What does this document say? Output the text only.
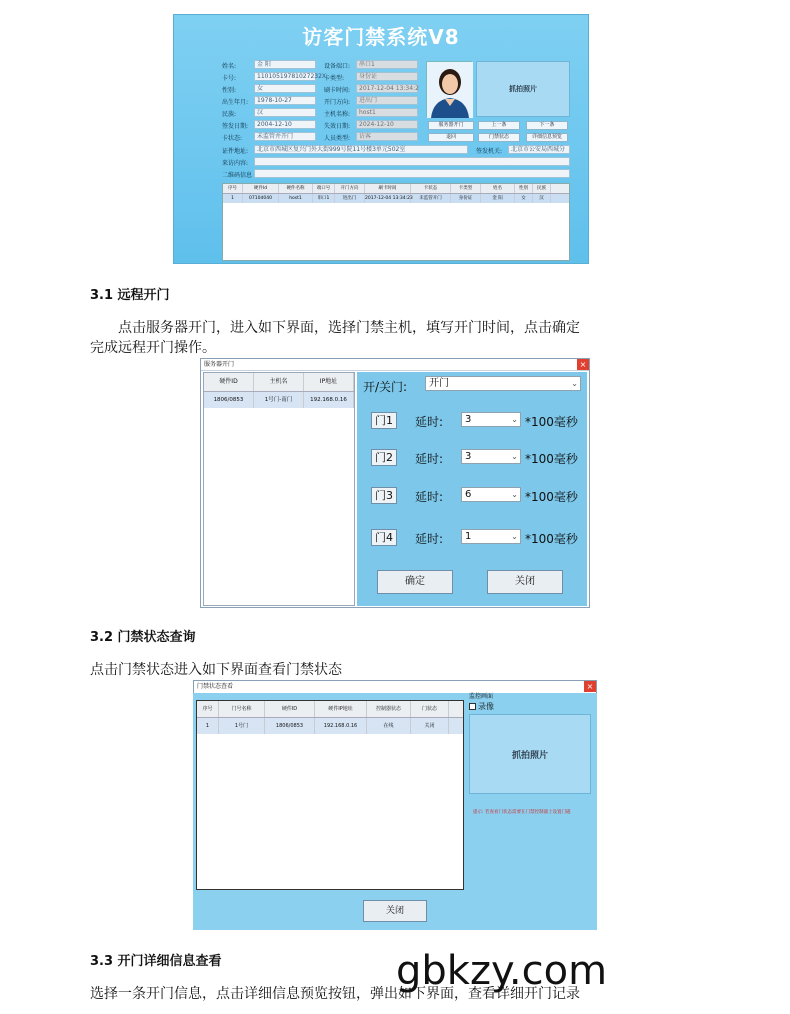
访客门禁系统V8
姓名:	金 阳
卡号:	11010519781027232X
性别:	女
出生年月:	1978-10-27
民族:	汉
签发日期:	2004-12-10
卡状态:	未监管并开门
设备端口:	串口1
卡类型:	身份证
刷卡时间:	2017-12-04 13:34:2
开门方向:	进出门
主机名称:	host1
失效日期:	2024-12-10
人员类型:	访客
抓拍照片
服务器开门	上一条	下一条
退回	门禁状态	详细信息预览
证件地址:	北京市西城区复兴门外大街999号院11号楼3单元502室	签发机关:	北京市公安局西城分
来访内容:
二维码信息
序号	硬件Id	硬件名称	端口号	开门方向	刷卡时间	卡状态	卡类型	姓名	性别	民族
1	0710d040	host1	串口1	进出门	2017-12-04 13:34:23	未监管开门	身份证	金 阳	女	汉
3.1 远程开门
点击服务器开门，进入如下界面，选择门禁主机，填写开门时间，点击确定
完成远程开门操作。
服务器开门	×
硬件ID	主机名	IP地址
1806/0853	1号门-南门	192.168.0.16
开/关门:	开门	⌄
门1	延时:	3	⌄ *100毫秒
门2	延时:	3	⌄ *100毫秒
门3	延时:	6	⌄ *100毫秒
门4	延时:	1	⌄ *100毫秒
确定	关闭
3.2 门禁状态查询
点击门禁状态进入如下界面查看门禁状态
门禁状态查看	×
序号	门号名称	硬件ID	硬件IP地址	控制器状态	门状态
1	1号门	1806/0853	192.168.0.16	在线	关闭
监控画面
录像
抓拍照片
提示: 若查看门状态需要在门禁控制器上设置门磁
关闭
3.3 开门详细信息查看
选择一条开门信息，点击详细信息预览按钮，弹出如下界面，查看详细开门记录
gbkzy.com
